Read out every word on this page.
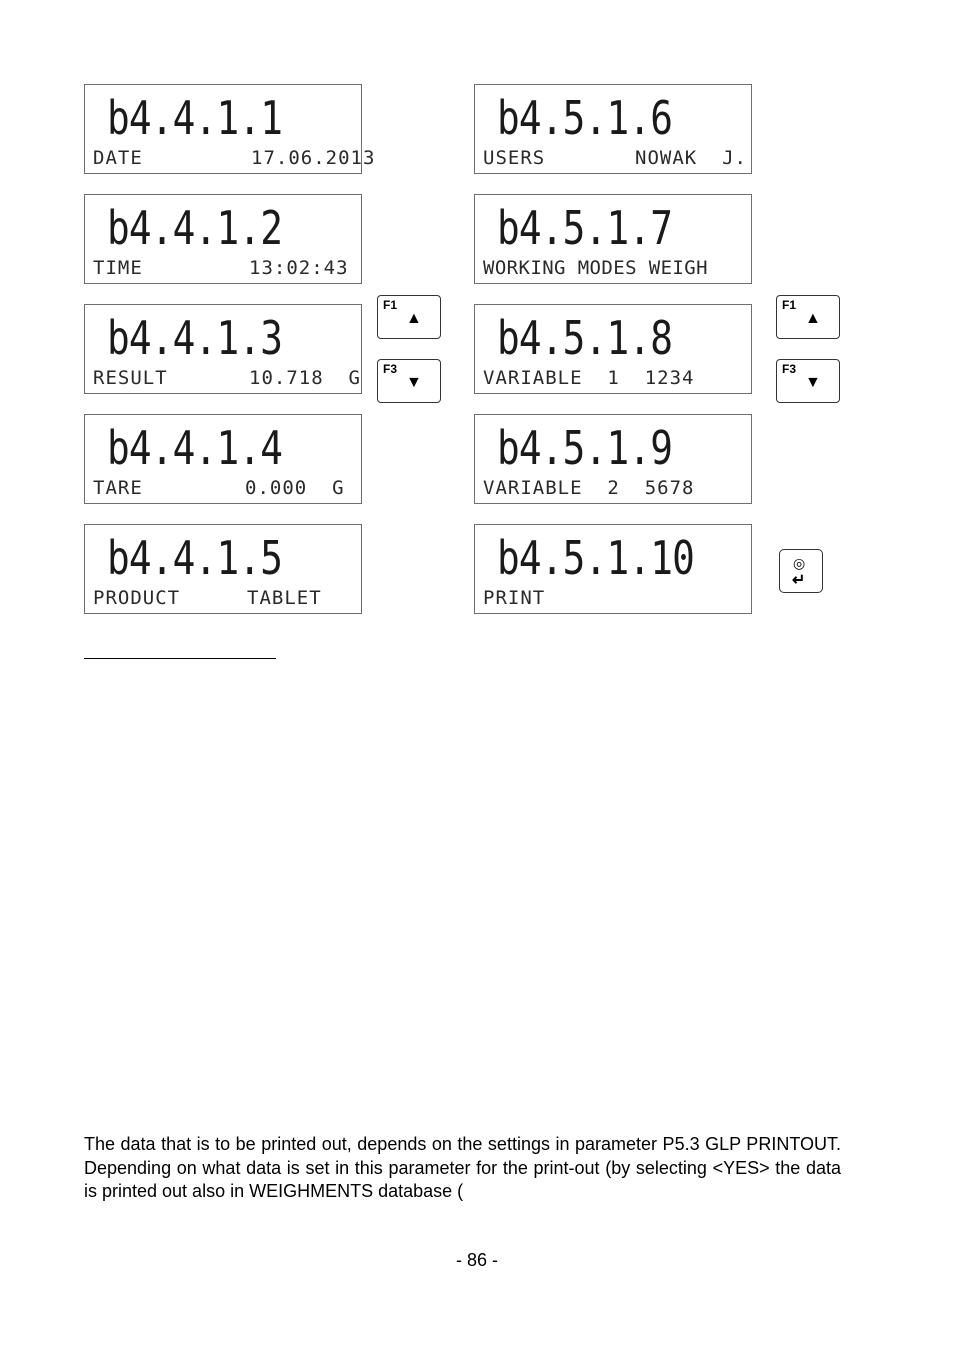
b4.4.1.1
DATE	17.06.2013
b4.4.1.2
TIME	13:02:43
b4.4.1.3
RESULT	10.718  G
b4.4.1.4
TARE	0.000  G
b4.4.1.5
PRODUCT	TABLET
b4.5.1.6
USERS	NOWAK  J.
b4.5.1.7
WORKING MODES WEIGH
b4.5.1.8
VARIABLE  1  1234
b4.5.1.9
VARIABLE  2  5678
b4.5.1.10
PRINT
F1
▲
F3
▼
F1
▲
F3
▼
◎
↵
The data that is to be printed out, depends on the settings in parameter P5.3 GLP PRINTOUT. Depending on what data is set in this parameter for the print-out (by selecting <YES> the data is printed out also in WEIGHMENTS database (
- 86 -
